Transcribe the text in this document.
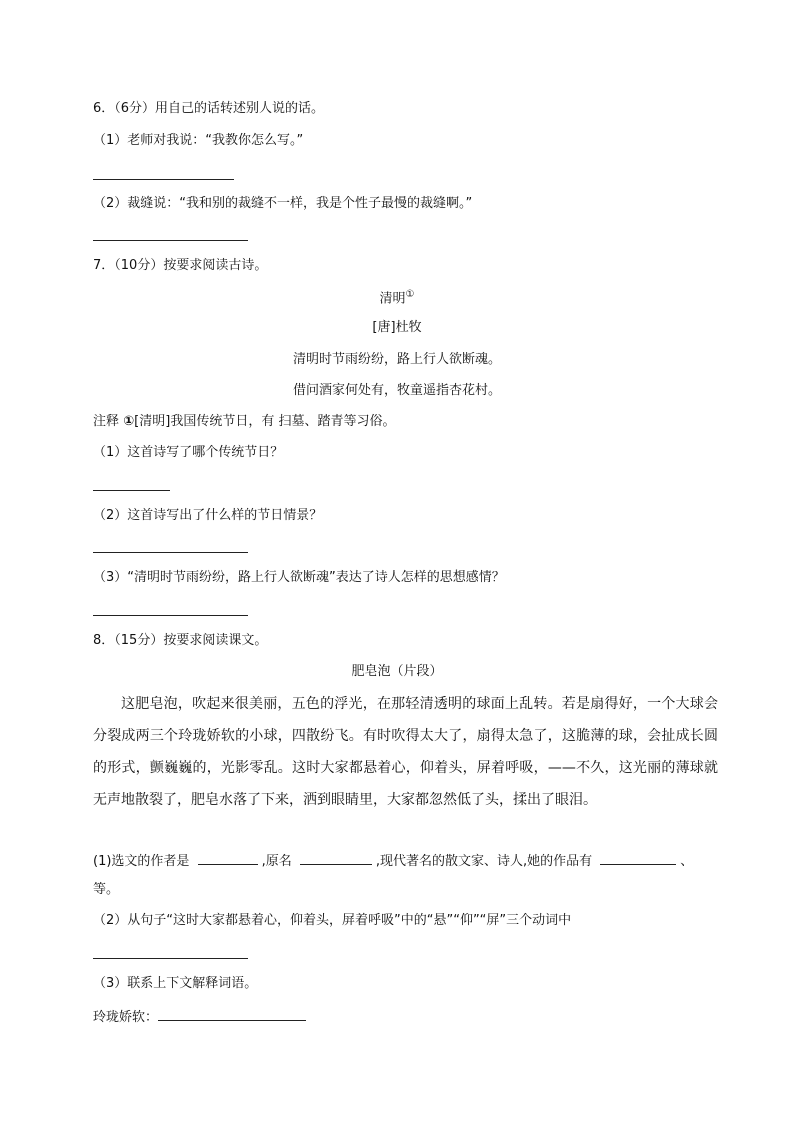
6．（6分）用自己的话转述别人说的话。
（1）老师对我说：“我教你怎么写。”
（2）裁缝说：“我和别的裁缝不一样，我是个性子最慢的裁缝啊。”
7．（10分）按要求阅读古诗。
清明①
[唐]杜牧
清明时节雨纷纷，路上行人欲断魂。
借问酒家何处有，牧童遥指杏花村。
注释 ①[清明]我国传统节日，有 扫墓、踏青等习俗。
（1）这首诗写了哪个传统节日？
（2）这首诗写出了什么样的节日情景？
（3）“清明时节雨纷纷，路上行人欲断魂”表达了诗人怎样的思想感情？
8．（15分）按要求阅读课文。
肥皂泡（片段）
这肥皂泡，吹起来很美丽，五色的浮光，在那轻清透明的球面上乱转。若是扇得好，一个大球会分裂成两三个玲珑娇软的小球，四散纷飞。有时吹得太大了，扇得太急了，这脆薄的球，会扯成长圆的形式，颤巍巍的，光影零乱。这时大家都悬着心，仰着头，屏着呼吸，——不久，这光丽的薄球就无声地散裂了，肥皂水落了下来，洒到眼睛里，大家都忽然低了头，揉出了眼泪。
(1)选文的作者是	,原名	,现代著名的散文家、诗人,她的作品有	、
等。
（2）从句子“这时大家都悬着心，仰着头，屏着呼吸”中的“悬”“仰”“屏”三个动词中
（3）联系上下文解释词语。
玲珑娇软：
